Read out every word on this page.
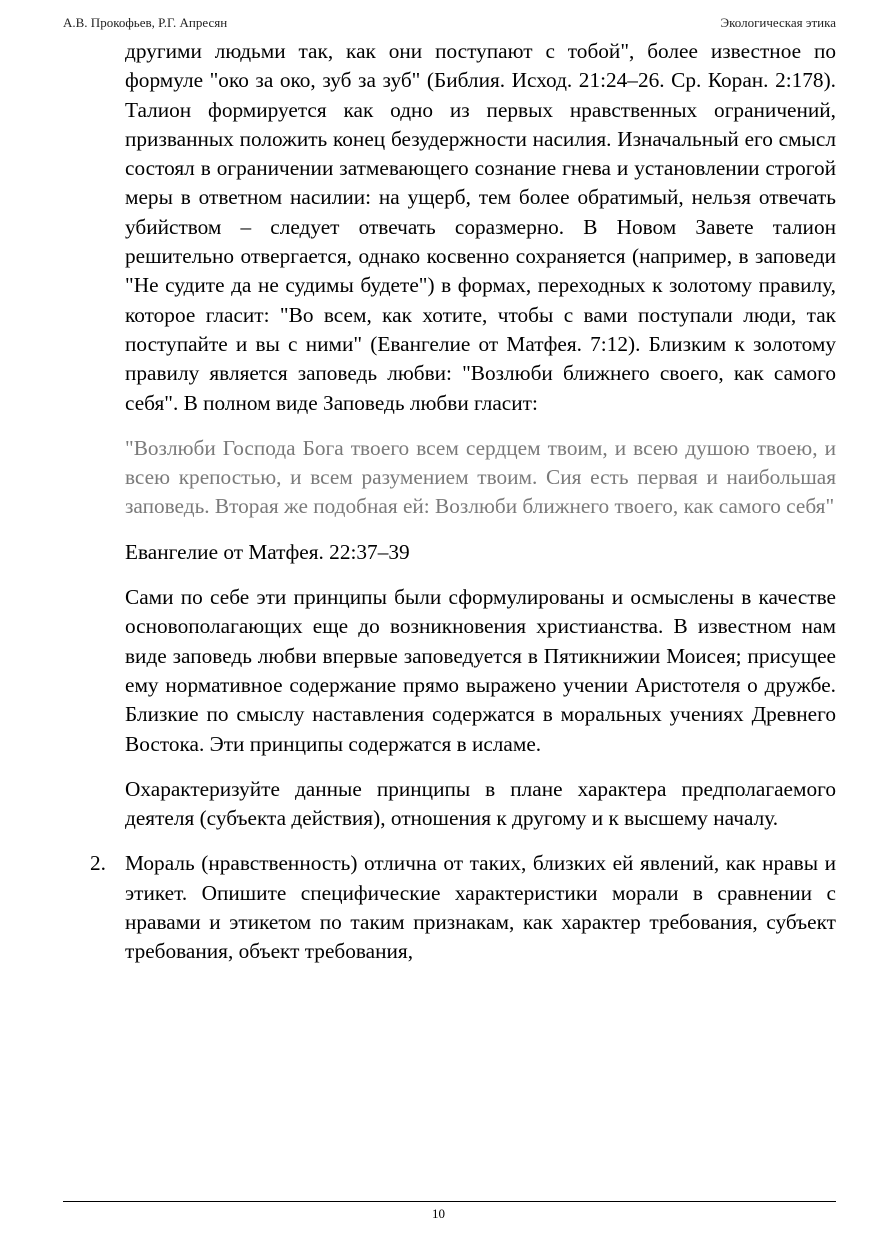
А.В. Прокофьев, Р.Г. Апресян	Экологическая этика

другими людьми так, как они поступают с тобой", более известное по формуле "око за око, зуб за зуб" (Библия. Исход. 21:24–26. Ср. Коран. 2:178). Талион формируется как одно из первых нравственных ограничений, призванных положить конец безудержности насилия. Изначальный его смысл состоял в ограничении затмевающего сознание гнева и установлении строгой меры в ответном насилии: на ущерб, тем более обратимый, нельзя отвечать убийством – следует отвечать соразмерно. В Новом Завете талион решительно отвергается, однако косвенно сохраняется (например, в заповеди "Не судите да не судимы будете") в формах, переходных к золотому правилу, которое гласит: "Во всем, как хотите, чтобы с вами поступали люди, так поступайте и вы с ними" (Евангелие от Матфея. 7:12). Близким к золотому правилу является заповедь любви: "Возлюби ближнего своего, как самого себя". В полном виде Заповедь любви гласит:

"Возлюби Господа Бога твоего всем сердцем твоим, и всею душою твоею, и всею крепостью, и всем разумением твоим. Сия есть первая и наибольшая заповедь. Вторая же подобная ей: Возлюби ближнего твоего, как самого себя"

Евангелие от Матфея. 22:37–39

Сами по себе эти принципы были сформулированы и осмыслены в качестве основополагающих еще до возникновения христианства. В известном нам виде заповедь любви впервые заповедуется в Пятикнижии Моисея; присущее ему нормативное содержание прямо выражено учении Аристотеля о дружбе. Близкие по смыслу наставления содержатся в моральных учениях Древнего Востока. Эти принципы содержатся в исламе.

Охарактеризуйте данные принципы в плане характера предполагаемого деятеля (субъекта действия), отношения к другому и к высшему началу.

2. Мораль (нравственность) отлична от таких, близких ей явлений, как нравы и этикет. Опишите специфические характеристики морали в сравнении с нравами и этикетом по таким признакам, как характер требования, субъект требования, объект требования,

10
